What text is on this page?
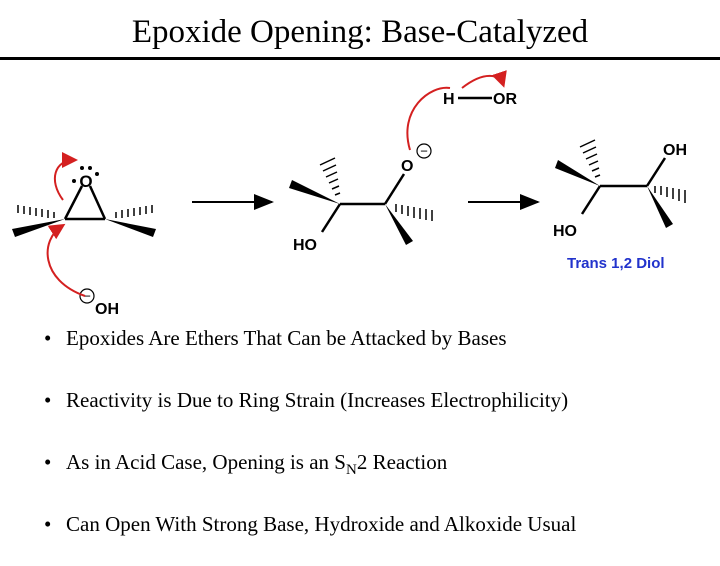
Epoxide Opening: Base-Catalyzed
O
−
OH
HO
O
−
H OR
OH
HO
Trans 1,2 Diol
• Epoxides Are Ethers That Can be Attacked by Bases
• Reactivity is Due to Ring Strain (Increases Electrophilicity)
• As in Acid Case, Opening is an $S_N2$ Reaction
• Can Open With Strong Base, Hydroxide and Alkoxide Usual
